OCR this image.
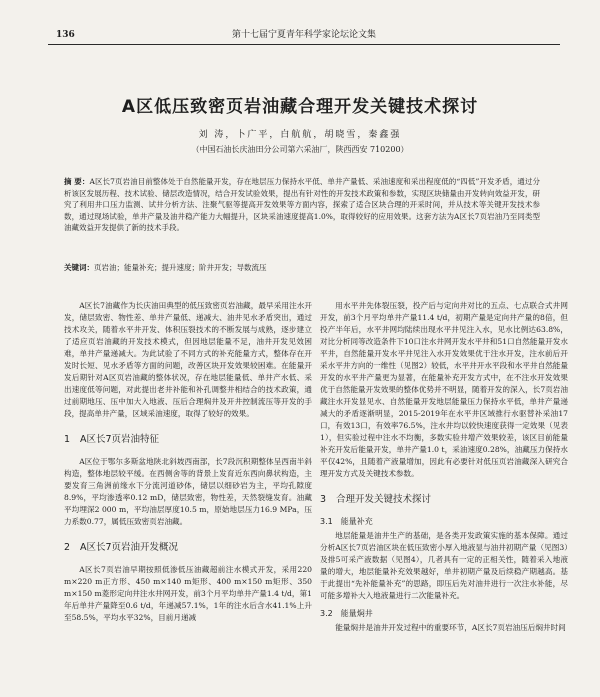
136	第十七届宁夏青年科学家论坛论文集
A区低压致密页岩油藏合理开发关键技术探讨
刘 涛，卜广平，白航航，胡晓雪，秦鑫强
（中国石油长庆油田分公司第六采油厂，陕西西安 710200）
摘 要：A区长7页岩油目前整体处于自然能量开发，存在地层压力保持水平低、单井产量低、采油速度和采出程度低的“四低”开发矛盾，通过分析该区发展历程、技术试验、储层改造情况，结合开发试验效果，提出有针对性的开发技术政策和参数，实现区块储量由开发转向效益开发，研究了利用井口压力监测、试井分析方法、注聚气驱等提高开发效果等方面内容，探索了适合区块合理的开采时间，并从技术等关键开发技术参数，通过现场试验，单井产量及油井稳产能力大幅提升，区块采油速度提高1.0%，取得较好的应用效果。这套方法为A区长7页岩油乃至同类型油藏效益开发提供了新的技术手段。
关键词：页岩油；能量补充；提升速度；阶井开发；导数流压

A区长7油藏作为长庆油田典型的低压致密页岩油藏，最早采用注水开发，储层致密、物性差、单井产量低、递减大、油井见水矛盾突出，通过技术攻关，随着水平井开发、体积压裂技术的不断发展与成熟，逐步建立了适应页岩油藏的开发技术模式，但因地层能量不足，油井开发见效困难，单井产量递减大。为此试验了不同方式的补充能量方式，整体存在开发时长短、见水矛盾等方面的问题，改善区块开发效果较困难。在能量开发后期针对A区页岩油藏的整体状况，存在地层能量低、单井产水低、采出速度低等问题，对此提出老井补能和补孔调整井相结合的技术政策，通过前期地压、压中加大入地液、压后合理焖井及开井控制流压等开发的手段，提高单井产量，区域采油速度，取得了较好的效果。

1 A区长7页岩油特征

A区位于鄂尔多斯盆地陕北斜坡西南部，长7段沉积期整体呈西南半斜构造，整体地层较平缓。在西侧舍等的背景上发育近东西向鼻状构造，主要发育三角洲前缘水下分流河道砂体，储层以细砂岩为主，平均孔隙度8.9%，平均渗透率0.12 mD，储层致密，物性差，天然裂缝发育。油藏平均埋深2 000 m，平均油层厚度10.5 m，原始地层压力16.9 MPa，压力系数0.77，属低压致密页岩油藏。

2 A区长7页岩油开发概况

A区长7页岩油早期按照低渗低压油藏超前注水模式开发，采用220 m×220 m正方形、450 m×140 m矩形、400 m×150 m矩形、350 m×150 m菱形定向井注水井网开发，前3个月平均单井产量1.4 t/d，第1年后单井产量降至0.6 t/d，年递减57.1%，1年的注水后含水41.1%上升至58.5%，平均水平32%，目前月递减

用水平井先体裂压裂，投产后与定向井对比的五点、七点联合式井网开发，前3个月平均单井产量11.4 t/d，初期产量是定向井产量的8倍，但投产半年后，水平井网均陆续出现水平井见注入水，见水比例达63.8%，对比分析同等改造条件下10口注水井网开发水平井和51口自然能量开发水平井，自然能量开发水平井见注入水开发效果优于注水开发，注水前后开采水平井方向的一维性（见图2）较低，水平井开水平段和水平井自然能量开发的水平井产量更为显著，在能量补充开发方式中，在不注水开发效果优于自然能量开发效果的整体优势并不明显，随着开发的深入，长7页岩油藏注水开发显见水、自然能量开发地层能量压力保持水平低，单井产量递减大的矛盾逐渐明显，2015-2019年在水平井区域推行水驱替补采油17口，有效13口，有效率76.5%，注水井均以较快速度获得一定效果（见表1），但实验过程中注水不均衡，多数实验井增产效果较差，该区目前能量补充开发后能量开发，单井产量1.0 t，采油速度0.28%，油藏压力保持水平仅42%，且随着产液量增加，因此有必要针对低压页岩油藏深入研究合理开发方式及关键技术参数。

3 合理开发关键技术探讨
3.1　能量补充

地层能量是油井生产的基础，是各类开发政策实施的基本保障。通过分析A区长7页岩油区块在低压致密小厚入地液显与油井初期产量（见图3）及排5可采产液数据（见图4），几者具有一定的正相关性，随着采入地液量的增大，地层能量补充效果越好，单井初期产量及后续稳产期越高。基于此提出“先补能量补充”的思路，即压后先对油井进行一次注水补能，尽可能多增补大入地液量进行二次能量补充。

3.2　能量焖井

能量焖井是油井开发过程中的重要环节，A区长7页岩油压后焖井时间
